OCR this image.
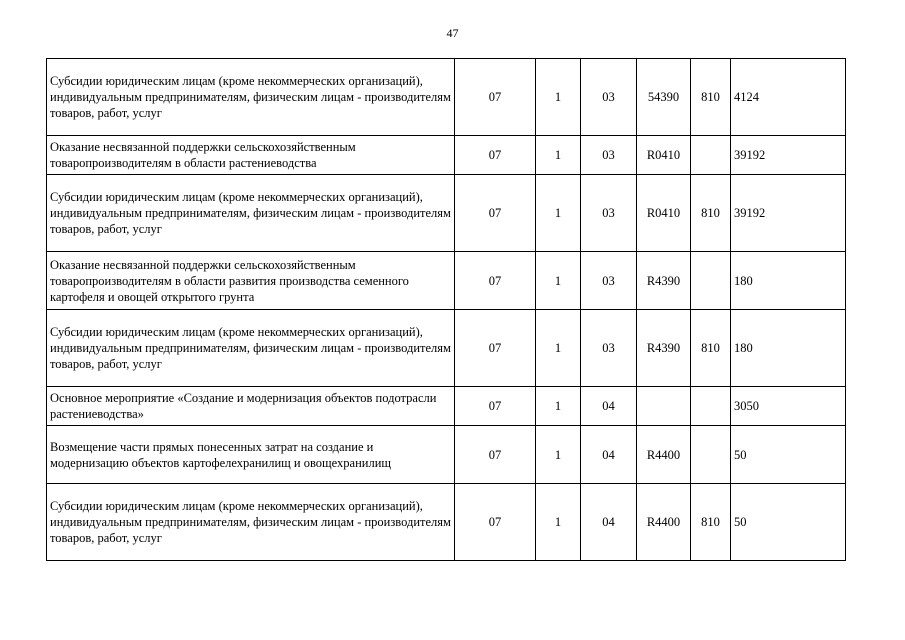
47
Субсидии юридическим лицам (кроме некоммерческих организаций), индивидуальным предпринимателям, физическим лицам - производителям товаров, работ, услуг	07	1	03	54390	810	4124
Оказание несвязанной поддержки сельскохозяйственным товаропроизводителям в области растениеводства	07	1	03	R0410		39192
Субсидии юридическим лицам (кроме некоммерческих организаций), индивидуальным предпринимателям, физическим лицам - производителям товаров, работ, услуг	07	1	03	R0410	810	39192
Оказание несвязанной поддержки сельскохозяйственным товаропроизводителям в области развития производства семенного картофеля и овощей открытого грунта	07	1	03	R4390		180
Субсидии юридическим лицам (кроме некоммерческих организаций), индивидуальным предпринимателям, физическим лицам - производителям товаров, работ, услуг	07	1	03	R4390	810	180
Основное мероприятие «Создание и модернизация объектов подотрасли растениеводства»	07	1	04			3050
Возмещение части прямых понесенных затрат на создание и модернизацию объектов картофелехранилищ и овощехранилищ	07	1	04	R4400		50
Субсидии юридическим лицам (кроме некоммерческих организаций), индивидуальным предпринимателям, физическим лицам - производителям товаров, работ, услуг	07	1	04	R4400	810	50
